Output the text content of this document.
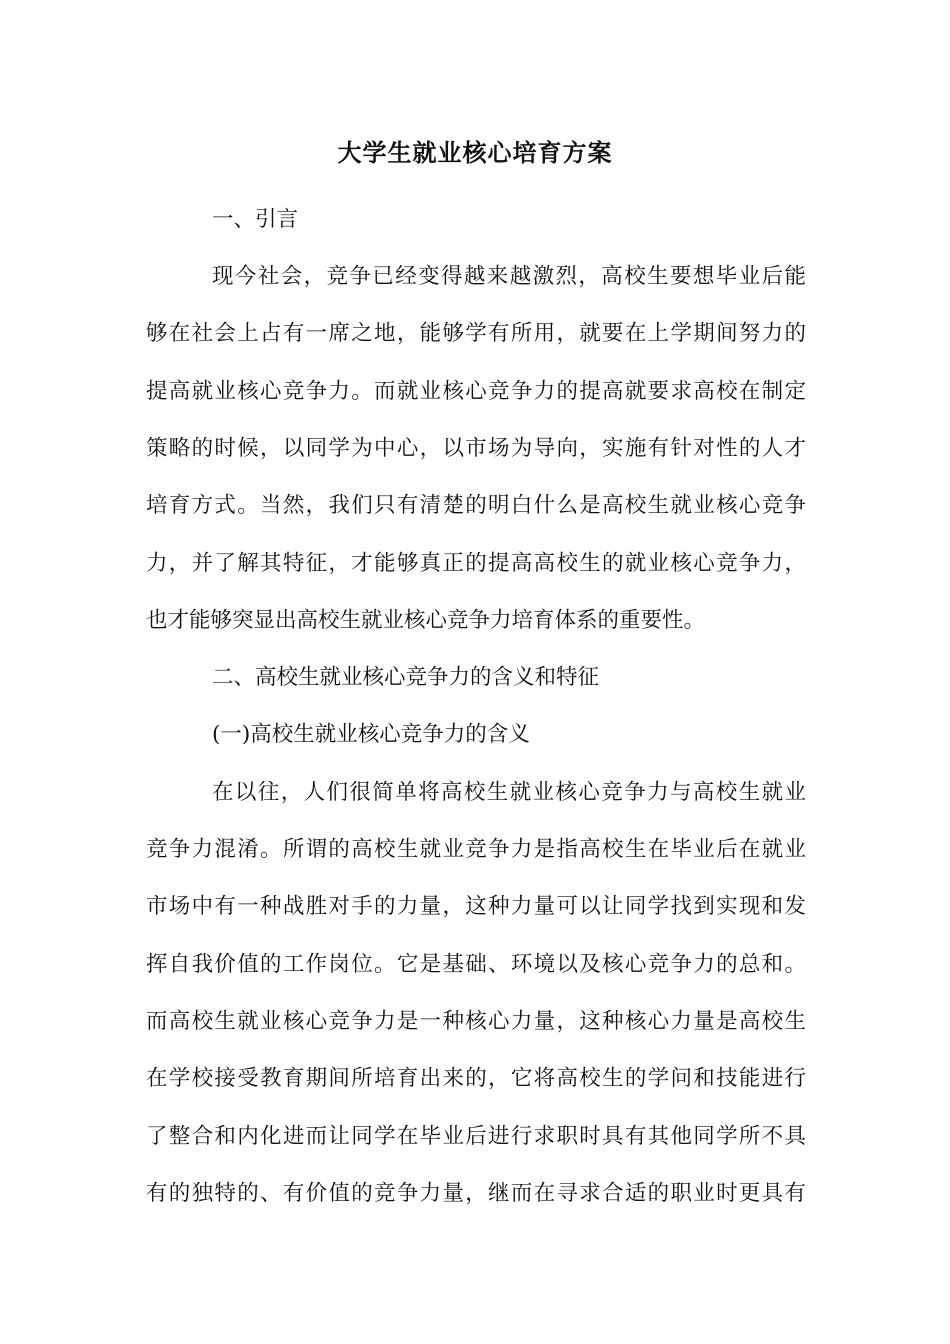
大学生就业核心培育方案

一、引言

现今社会，竞争已经变得越来越激烈，高校生要想毕业后能

够在社会上占有一席之地，能够学有所用，就要在上学期间努力的

提高就业核心竞争力。而就业核心竞争力的提高就要求高校在制定

策略的时候，以同学为中心，以市场为导向，实施有针对性的人才

培育方式。当然，我们只有清楚的明白什么是高校生就业核心竞争

力，并了解其特征，才能够真正的提高高校生的就业核心竞争力，

也才能够突显出高校生就业核心竞争力培育体系的重要性。

二、高校生就业核心竞争力的含义和特征

(一)高校生就业核心竞争力的含义

在以往，人们很简单将高校生就业核心竞争力与高校生就业

竞争力混淆。所谓的高校生就业竞争力是指高校生在毕业后在就业

市场中有一种战胜对手的力量，这种力量可以让同学找到实现和发

挥自我价值的工作岗位。它是基础、环境以及核心竞争力的总和。

而高校生就业核心竞争力是一种核心力量，这种核心力量是高校生

在学校接受教育期间所培育出来的，它将高校生的学问和技能进行

了整合和内化进而让同学在毕业后进行求职时具有其他同学所不具

有的独特的、有价值的竞争力量，继而在寻求合适的职业时更具有
